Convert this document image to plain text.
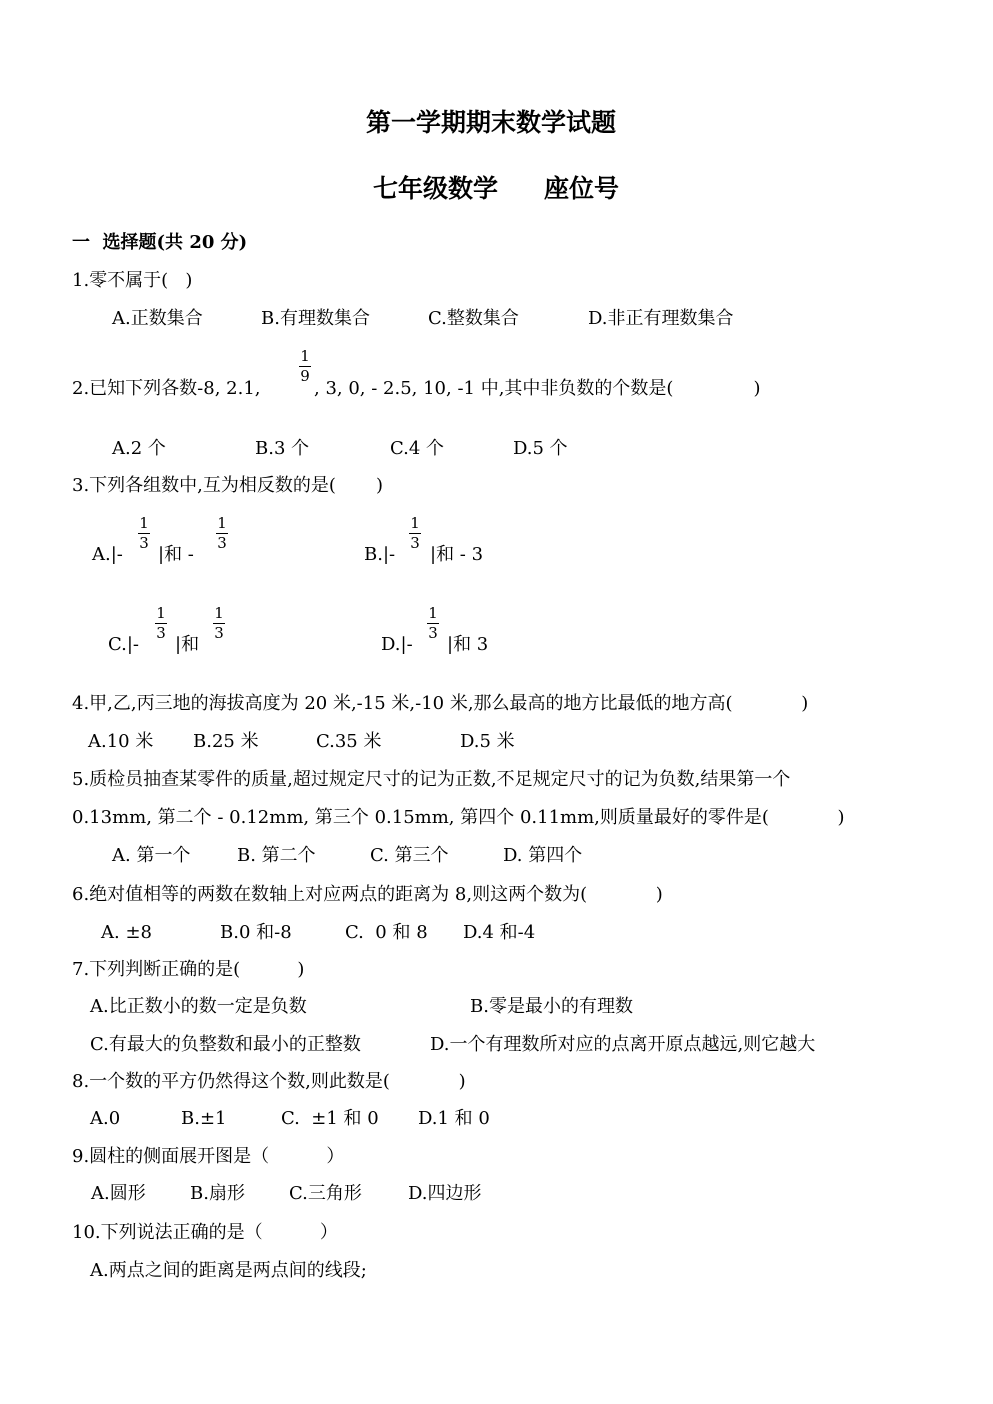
第一学期期末数学试题
七年级数学 座位号
一  选择题(共 20 分)
1.零不属于(   )
A.正数集合	B.有理数集合	C.整数集合	D.非正有理数集合
2.已知下列各数-8, 2.1,
1
9
, 3, 0, - 2.5, 10, -1 中,其中非负数的个数是(              )
A.2 个	B.3 个	C.4 个	D.5 个
3.下列各组数中,互为相反数的是(       )
A.|-
1
3
|和 -
1
3
B.|-
1
3
|和 - 3
C.|-
1
3
|和
1
3
D.|-
1
3
|和 3
4.甲,乙,丙三地的海拔高度为 20 米,-15 米,-10 米,那么最高的地方比最低的地方高(            )
A.10 米 B.25 米	C.35 米	D.5 米
5.质检员抽查某零件的质量,超过规定尺寸的记为正数,不足规定尺寸的记为负数,结果第一个
0.13mm, 第二个 - 0.12mm, 第三个 0.15mm, 第四个 0.11mm,则质量最好的零件是(            )
A. 第一个	B. 第二个	C. 第三个	D. 第四个
6.绝对值相等的两数在数轴上对应两点的距离为 8,则这两个数为(            )
A. ±8	B.0 和-8	C.  0 和 8 D.4 和-4
7.下列判断正确的是(          )
A.比正数小的数一定是负数	B.零是最小的有理数
C.有最大的负整数和最小的正整数	D.一个有理数所对应的点离开原点越远,则它越大
8.一个数的平方仍然得这个数,则此数是(            )
A.0	B.±1	C.  ±1 和 0 D.1 和 0
9.圆柱的侧面展开图是（          ）
A.圆形 B.扇形 C.三角形	D.四边形
10.下列说法正确的是（          ）
A.两点之间的距离是两点间的线段;
